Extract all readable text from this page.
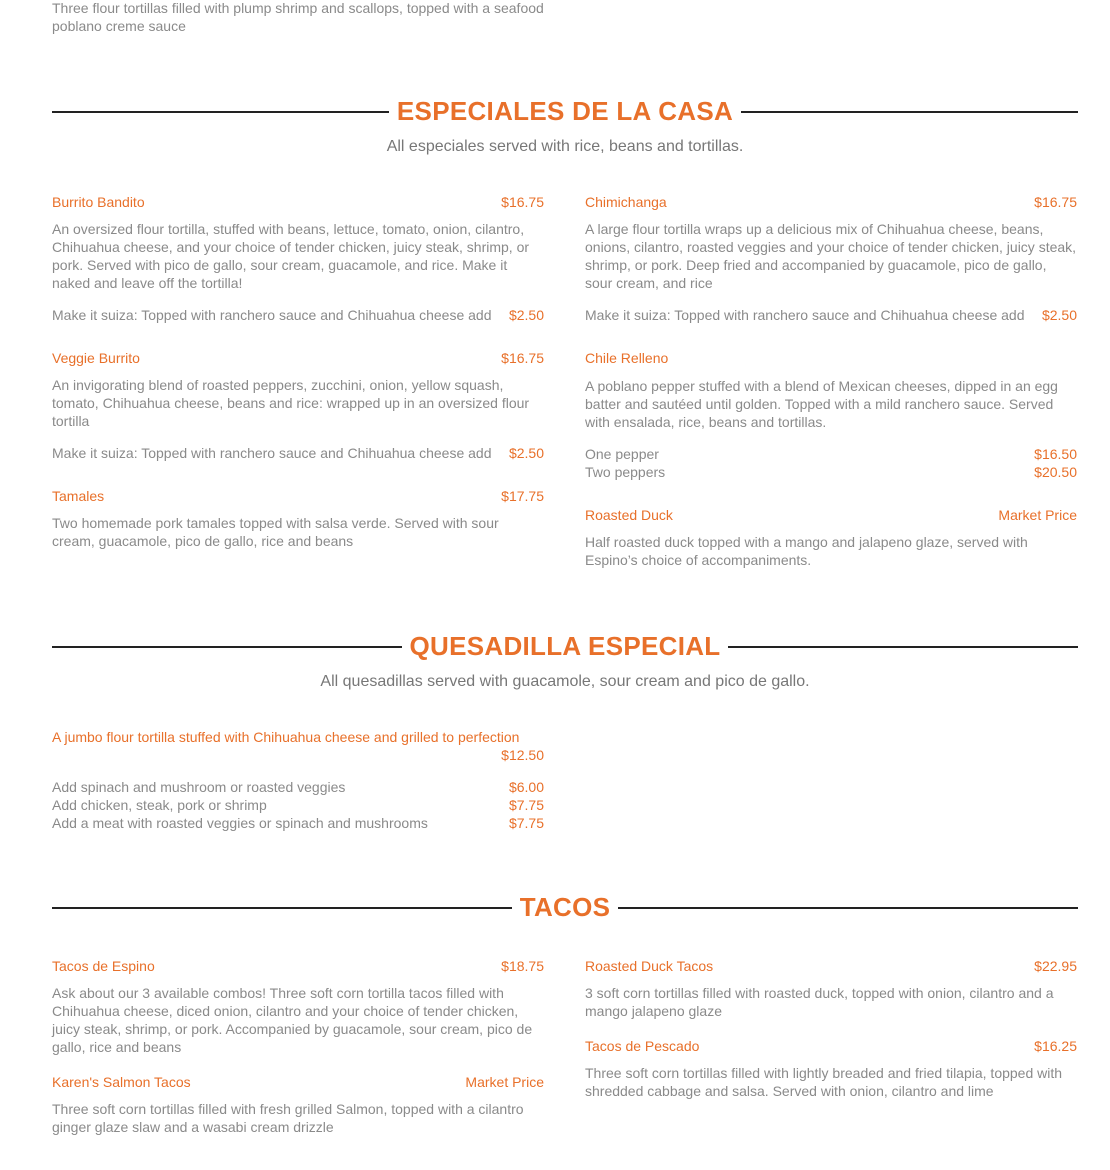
Three flour tortillas filled with plump shrimp and scallops, topped with a seafood poblano creme sauce
ESPECIALES DE LA CASA
All especiales served with rice, beans and tortillas.
Burrito Bandito	$16.75
An oversized flour tortilla, stuffed with beans, lettuce, tomato, onion, cilantro, Chihuahua cheese, and your choice of tender chicken, juicy steak, shrimp, or pork. Served with pico de gallo, sour cream, guacamole, and rice. Make it naked and leave off the tortilla!
Make it suiza: Topped with ranchero sauce and Chihuahua cheese add $2.50
Veggie Burrito	$16.75
An invigorating blend of roasted peppers, zucchini, onion, yellow squash, tomato, Chihuahua cheese, beans and rice: wrapped up in an oversized flour tortilla
Make it suiza: Topped with ranchero sauce and Chihuahua cheese add $2.50
Tamales	$17.75
Two homemade pork tamales topped with salsa verde. Served with sour cream, guacamole, pico de gallo, rice and beans
Chimichanga	$16.75
A large flour tortilla wraps up a delicious mix of Chihuahua cheese, beans, onions, cilantro, roasted veggies and your choice of tender chicken, juicy steak, shrimp, or pork. Deep fried and accompanied by guacamole, pico de gallo, sour cream, and rice
Make it suiza: Topped with ranchero sauce and Chihuahua cheese add $2.50
Chile Relleno
A poblano pepper stuffed with a blend of Mexican cheeses, dipped in an egg batter and sautéed until golden. Topped with a mild ranchero sauce. Served with ensalada, rice, beans and tortillas.
One pepper	$16.50
Two peppers	$20.50
Roasted Duck	Market Price
Half roasted duck topped with a mango and jalapeno glaze, served with Espino’s choice of accompaniments.
QUESADILLA ESPECIAL
All quesadillas served with guacamole, sour cream and pico de gallo.
A jumbo flour tortilla stuffed with Chihuahua cheese and grilled to perfection
$12.50
Add spinach and mushroom or roasted veggies	$6.00
Add chicken, steak, pork or shrimp	$7.75
Add a meat with roasted veggies or spinach and mushrooms	$7.75
TACOS
Tacos de Espino	$18.75
Ask about our 3 available combos! Three soft corn tortilla tacos filled with Chihuahua cheese, diced onion, cilantro and your choice of tender chicken, juicy steak, shrimp, or pork. Accompanied by guacamole, sour cream, pico de gallo, rice and beans
Karen's Salmon Tacos	Market Price
Three soft corn tortillas filled with fresh grilled Salmon, topped with a cilantro ginger glaze slaw and a wasabi cream drizzle
Roasted Duck Tacos	$22.95
3 soft corn tortillas filled with roasted duck, topped with onion, cilantro and a mango jalapeno glaze
Tacos de Pescado	$16.25
Three soft corn tortillas filled with lightly breaded and fried tilapia, topped with shredded cabbage and salsa. Served with onion, cilantro and lime
